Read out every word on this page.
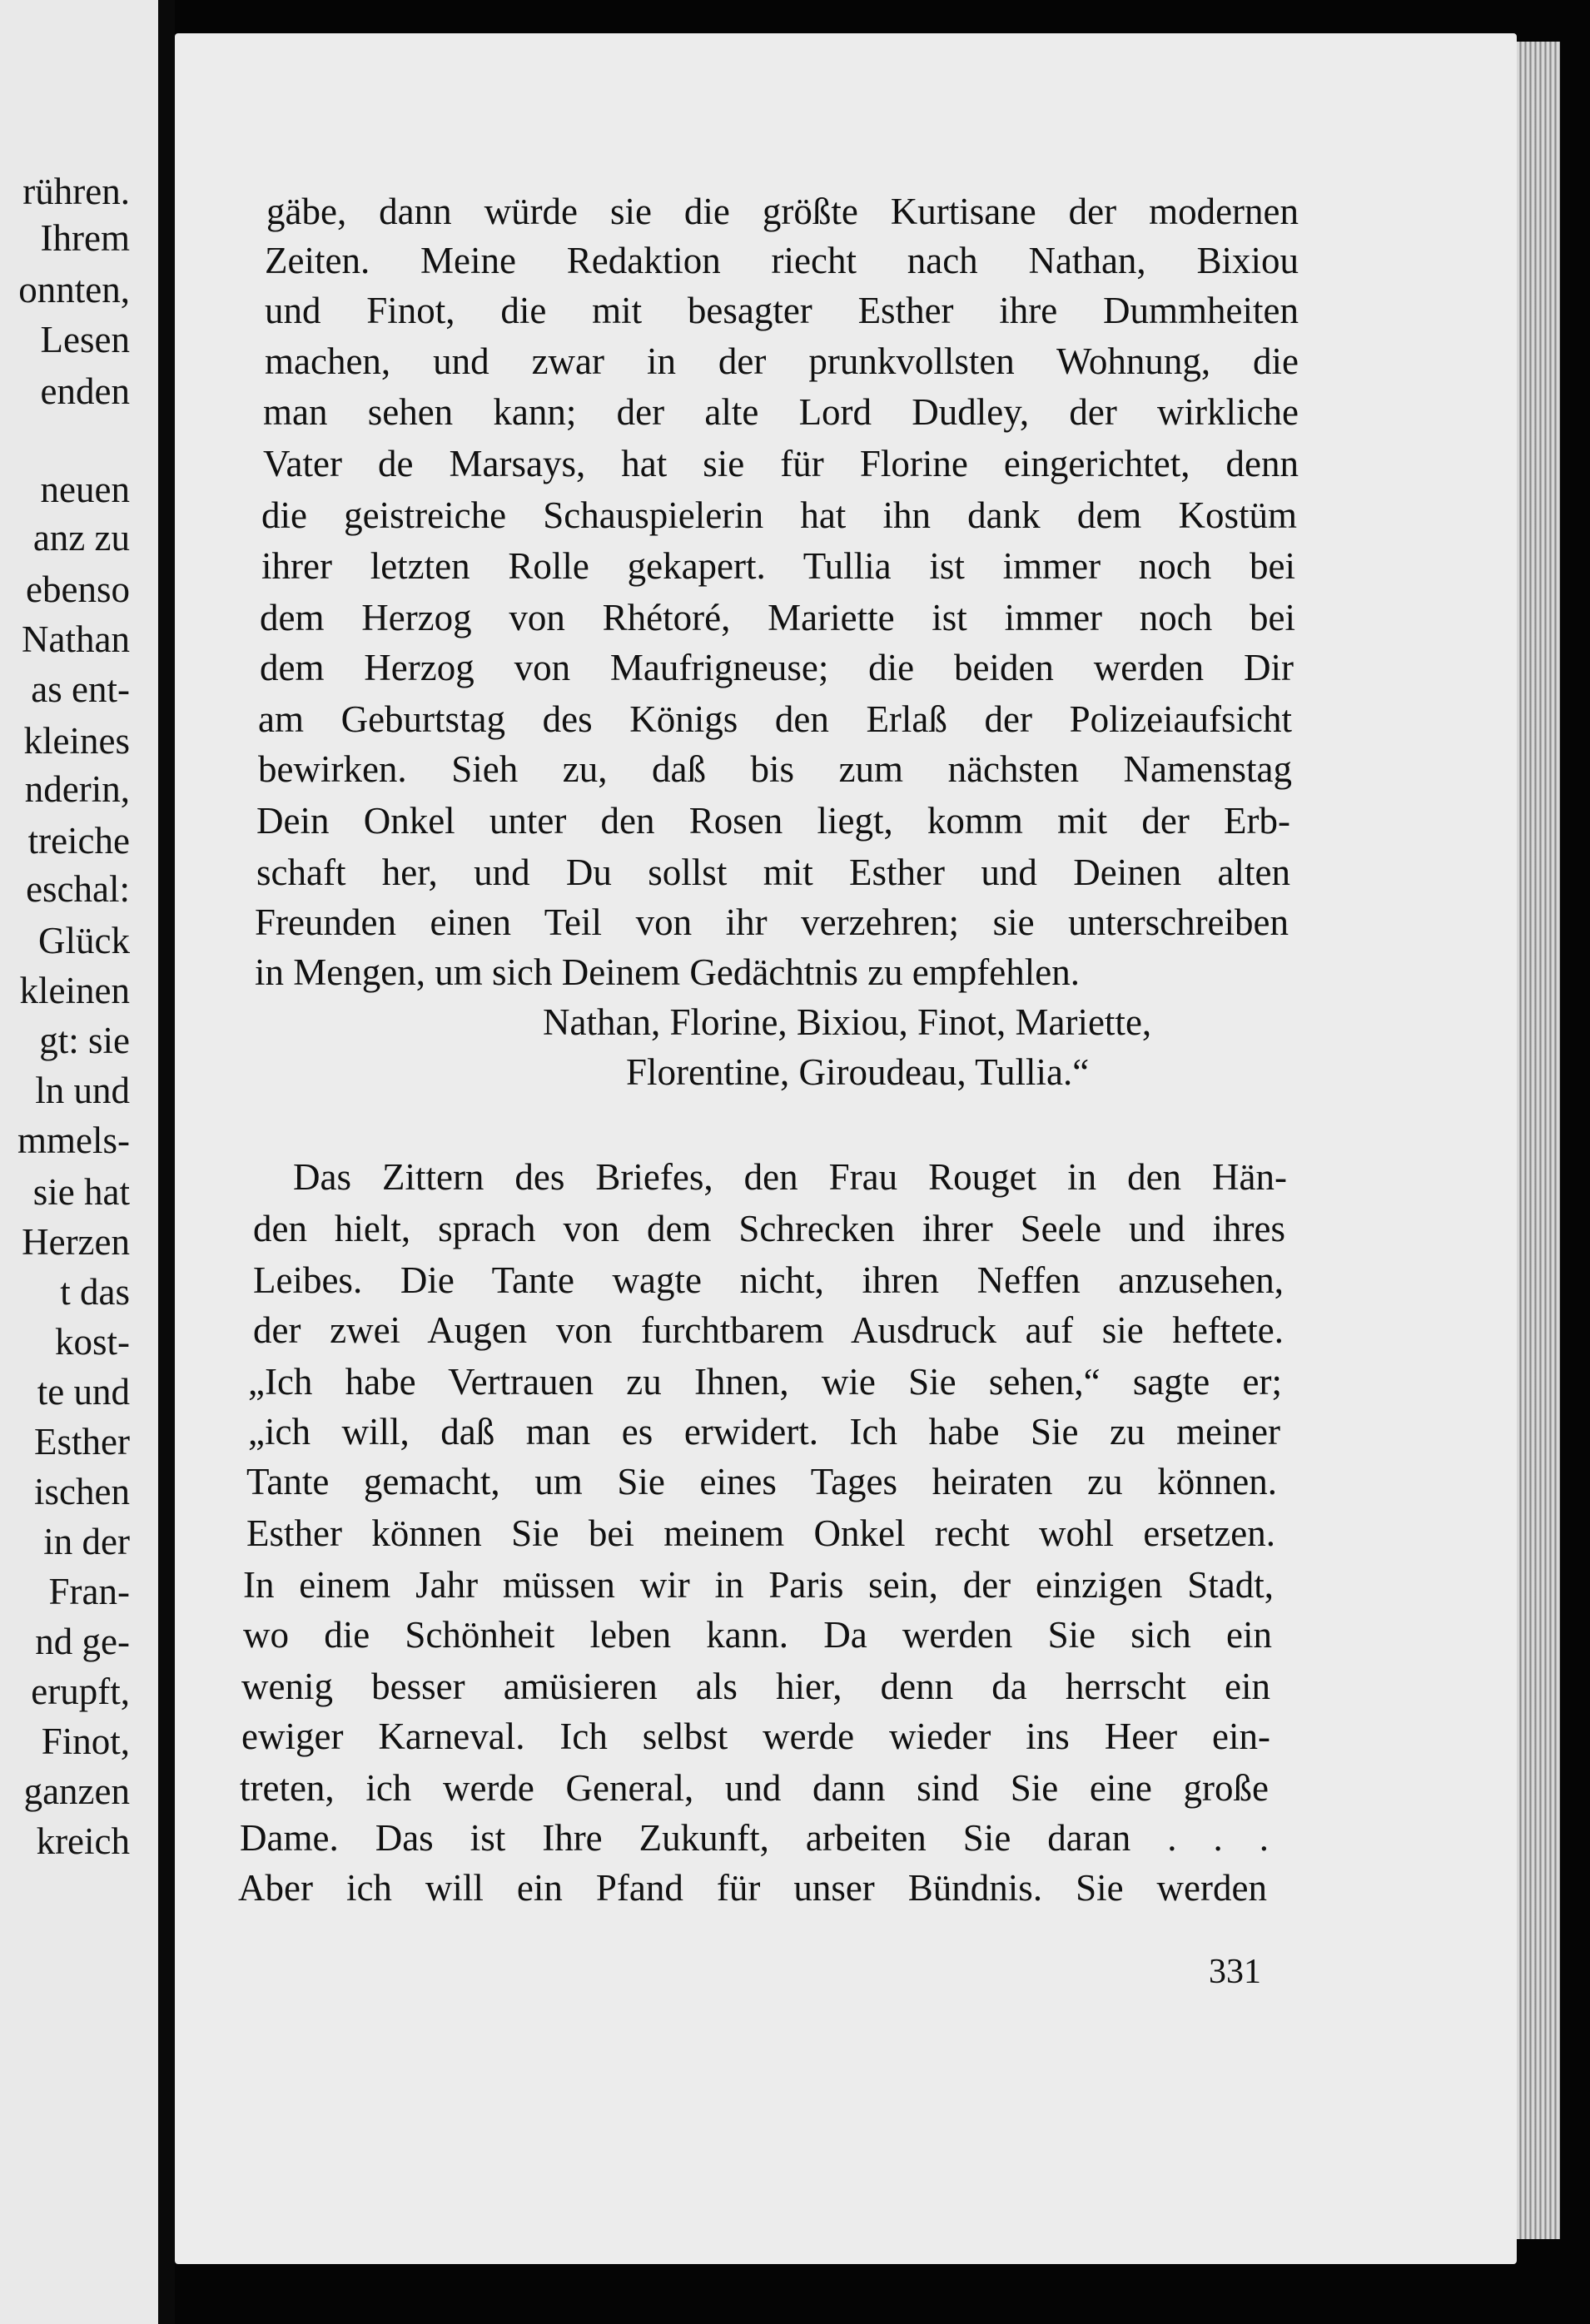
rühren.
Ihrem
onnten,
Lesen
enden
neuen
anz zu
ebenso
Nathan
as ent-
kleines
nderin,
treiche
eschal:
Glück
kleinen
gt: sie
ln und
mmels-
sie hat
Herzen
t das
kost-
te und
Esther
ischen
in der
Fran-
nd ge-
erupft,
Finot,
ganzen
kreich
gäbe, dann würde sie die größte Kurtisane der modernen
Zeiten. Meine Redaktion riecht nach Nathan, Bixiou
und Finot, die mit besagter Esther ihre Dummheiten
machen, und zwar in der prunkvollsten Wohnung, die
man sehen kann; der alte Lord Dudley, der wirkliche
Vater de Marsays, hat sie für Florine eingerichtet, denn
die geistreiche Schauspielerin hat ihn dank dem Kostüm
ihrer letzten Rolle gekapert. Tullia ist immer noch bei
dem Herzog von Rhétoré, Mariette ist immer noch bei
dem Herzog von Maufrigneuse; die beiden werden Dir
am Geburtstag des Königs den Erlaß der Polizeiaufsicht
bewirken. Sieh zu, daß bis zum nächsten Namenstag
Dein Onkel unter den Rosen liegt, komm mit der Erb-
schaft her, und Du sollst mit Esther und Deinen alten
Freunden einen Teil von ihr verzehren; sie unterschreiben
in Mengen, um sich Deinem Gedächtnis zu empfehlen.
Nathan, Florine, Bixiou, Finot, Mariette,
Florentine, Giroudeau, Tullia.“
Das Zittern des Briefes, den Frau Rouget in den Hän-
den hielt, sprach von dem Schrecken ihrer Seele und ihres
Leibes. Die Tante wagte nicht, ihren Neffen anzusehen,
der zwei Augen von furchtbarem Ausdruck auf sie heftete.
„Ich habe Vertrauen zu Ihnen, wie Sie sehen,“ sagte er;
„ich will, daß man es erwidert. Ich habe Sie zu meiner
Tante gemacht, um Sie eines Tages heiraten zu können.
Esther können Sie bei meinem Onkel recht wohl ersetzen.
In einem Jahr müssen wir in Paris sein, der einzigen Stadt,
wo die Schönheit leben kann. Da werden Sie sich ein
wenig besser amüsieren als hier, denn da herrscht ein
ewiger Karneval. Ich selbst werde wieder ins Heer ein-
treten, ich werde General, und dann sind Sie eine große
Dame. Das ist Ihre Zukunft, arbeiten Sie daran . . .
Aber ich will ein Pfand für unser Bündnis. Sie werden
331
